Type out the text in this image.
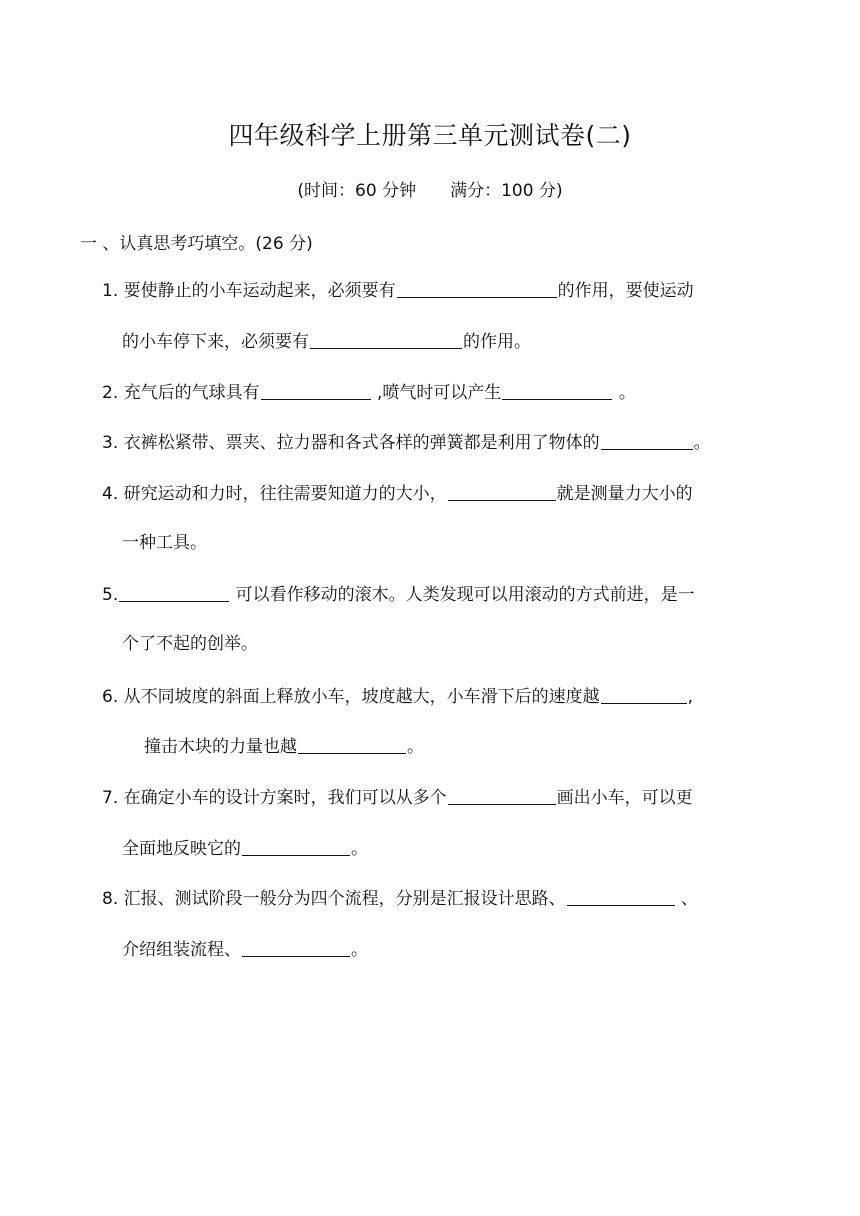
四年级科学上册第三单元测试卷(二)
(时间：60 分钟 满分：100 分)
一 、认真思考巧填空。(26 分)
1. 要使静止的小车运动起来，必须要有	的作用，要使运动
的小车停下来，必须要有	的作用。
2. 充气后的气球具有	,喷气时可以产生	。
3. 衣裤松紧带、票夹、拉力器和各式各样的弹簧都是利用了物体的	。
4. 研究运动和力时，往往需要知道力的大小，	就是测量力大小的
一种工具。
5.	可以看作移动的滚木。人类发现可以用滚动的方式前进，是一
个了不起的创举。
6. 从不同坡度的斜面上释放小车，坡度越大，小车滑下后的速度越	,
撞击木块的力量也越	。
7. 在确定小车的设计方案时，我们可以从多个	画出小车，可以更
全面地反映它的	。
8. 汇报、测试阶段一般分为四个流程，分别是汇报设计思路、	、
介绍组装流程、	。
